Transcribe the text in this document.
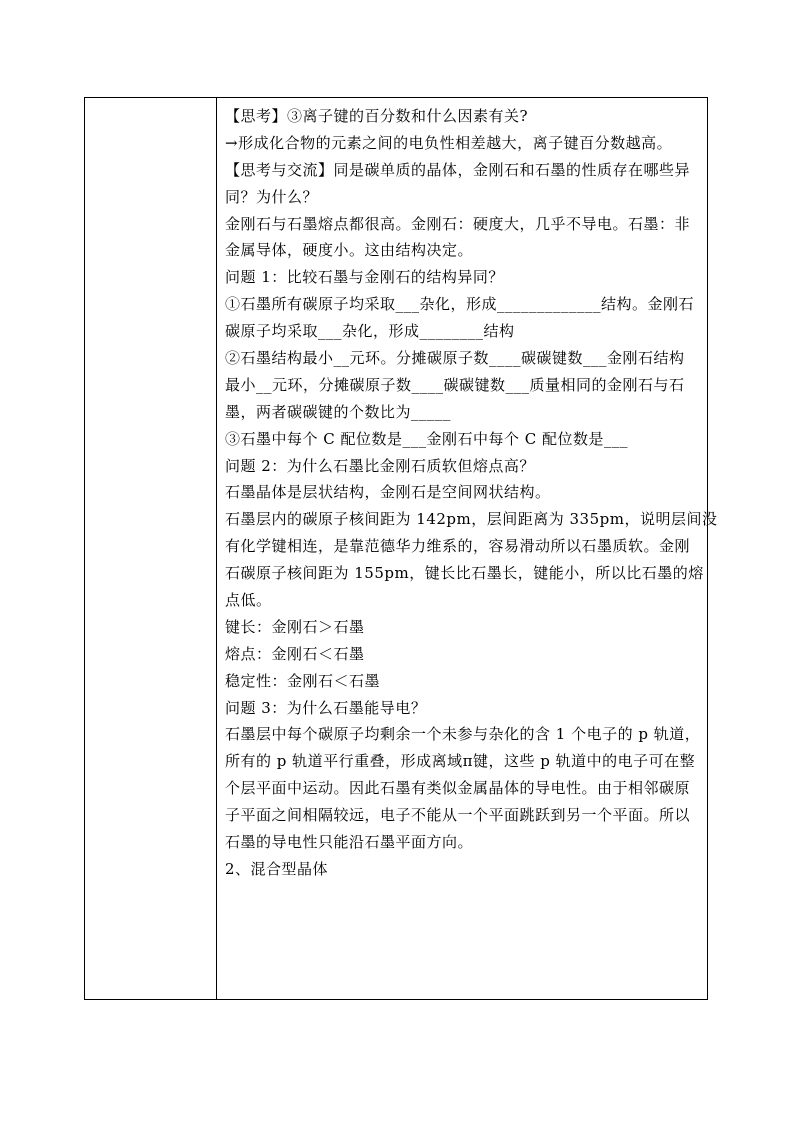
【思考】③离子键的百分数和什么因素有关?
→形成化合物的元素之间的电负性相差越大，离子键百分数越高。
【思考与交流】同是碳单质的晶体，金刚石和石墨的性质存在哪些异
同？为什么？
金刚石与石墨熔点都很高。金刚石：硬度大，几乎不导电。石墨：非
金属导体，硬度小。这由结构决定。
问题 1：比较石墨与金刚石的结构异同？
①石墨所有碳原子均采取___杂化，形成_____________结构。金刚石
碳原子均采取___杂化，形成________结构
②石墨结构最小__元环。分摊碳原子数____碳碳键数___金刚石结构
最小__元环，分摊碳原子数____碳碳键数___质量相同的金刚石与石
墨，两者碳碳键的个数比为_____
③石墨中每个 C 配位数是___金刚石中每个 C 配位数是___
问题 2：为什么石墨比金刚石质软但熔点高？
石墨晶体是层状结构，金刚石是空间网状结构。
石墨层内的碳原子核间距为 142pm，层间距离为 335pm，说明层间没
有化学键相连，是靠范德华力维系的，容易滑动所以石墨质软。金刚
石碳原子核间距为 155pm，键长比石墨长，键能小，所以比石墨的熔
点低。
键长：金刚石＞石墨
熔点：金刚石＜石墨
稳定性：金刚石＜石墨
问题 3：为什么石墨能导电？
石墨层中每个碳原子均剩余一个未参与杂化的含 1 个电子的 p 轨道，
所有的 p 轨道平行重叠，形成离域π键，这些 p 轨道中的电子可在整
个层平面中运动。因此石墨有类似金属晶体的导电性。由于相邻碳原
子平面之间相隔较远，电子不能从一个平面跳跃到另一个平面。所以
石墨的导电性只能沿石墨平面方向。
2、混合型晶体
